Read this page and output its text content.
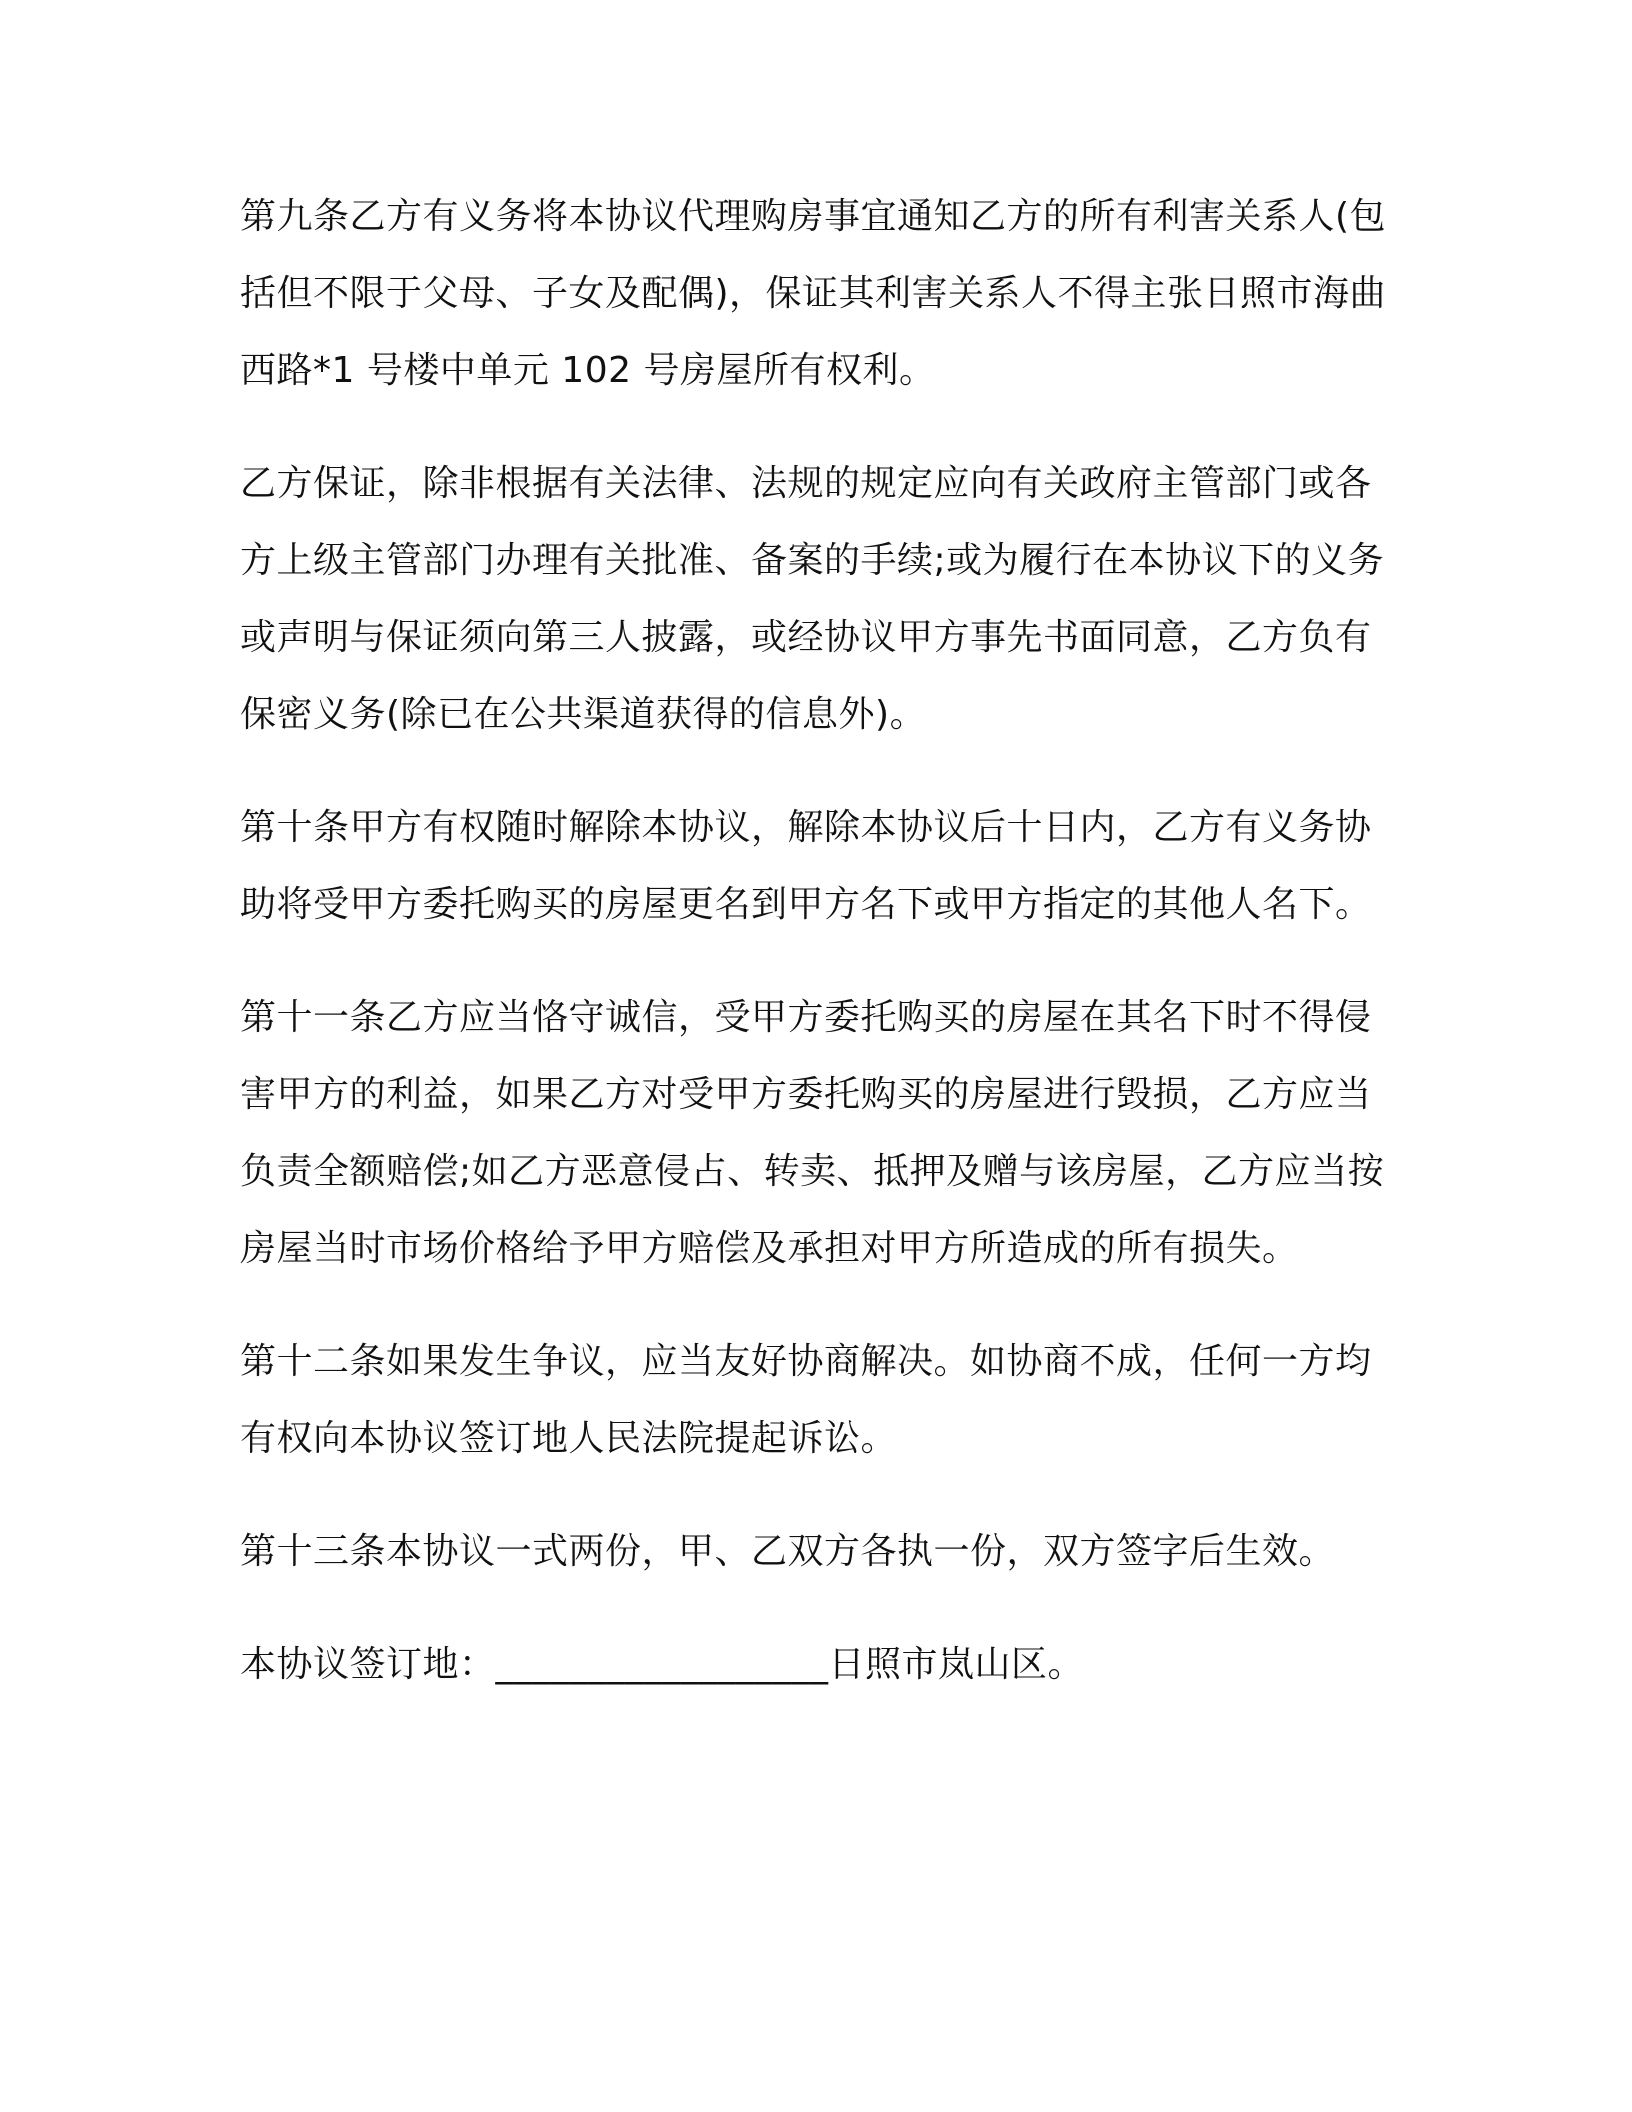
第九条乙方有义务将本协议代理购房事宜通知乙方的所有利害关系人(包括但不限于父母、子女及配偶)，保证其利害关系人不得主张日照市海曲西路*1 号楼中单元 102 号房屋所有权利。

乙方保证，除非根据有关法律、法规的规定应向有关政府主管部门或各方上级主管部门办理有关批准、备案的手续;或为履行在本协议下的义务或声明与保证须向第三人披露，或经协议甲方事先书面同意，乙方负有保密义务(除已在公共渠道获得的信息外)。

第十条甲方有权随时解除本协议，解除本协议后十日内，乙方有义务协助将受甲方委托购买的房屋更名到甲方名下或甲方指定的其他人名下。

第十一条乙方应当恪守诚信，受甲方委托购买的房屋在其名下时不得侵害甲方的利益，如果乙方对受甲方委托购买的房屋进行毁损，乙方应当负责全额赔偿;如乙方恶意侵占、转卖、抵押及赠与该房屋，乙方应当按房屋当时市场价格给予甲方赔偿及承担对甲方所造成的所有损失。

第十二条如果发生争议，应当友好协商解决。如协商不成，任何一方均有权向本协议签订地人民法院提起诉讼。

第十三条本协议一式两份，甲、乙双方各执一份，双方签字后生效。

本协议签订地：__________________日照市岚山区。
